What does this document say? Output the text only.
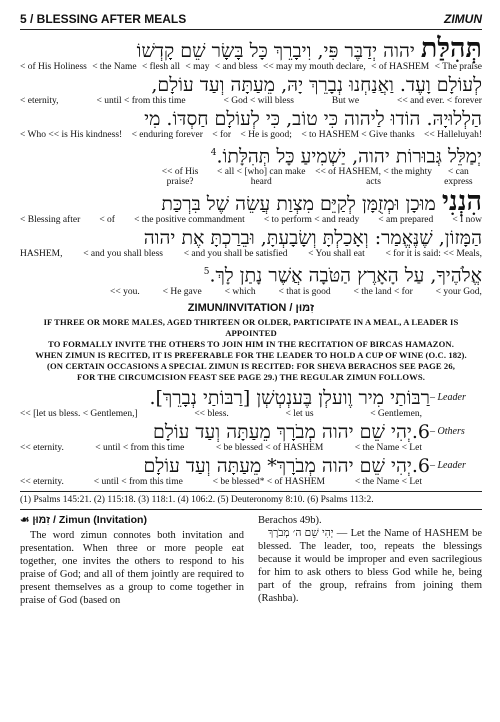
5 / BLESSING AFTER MEALS	ZIMUN
תְּהִלַּת יהוה יְדַבֶּר פִּי, וִיבָרֵךְ כָּל בָּשָׂר שֵׁם קָדְשׁוֹ
< of His Holiness < the Name < flesh all < may < and bless << may my mouth declare, < of HASHEM < The praise
לְעוֹלָם וָעֶד. וַאֲנַחְנוּ נְבָרֵךְ יָהּ, מֵעַתָּה וְעַד עוֹלָם,
< eternity,	< until < from this time	< God < will bless	But we	<< and ever. < forever
הַלְלוּיָהּ. הוֹדוּ לַיהוה כִּי טוֹב, כִּי לְעוֹלָם חַסְדּוֹ. מִי
< Who << is His kindness! < enduring forever < for < He is good; < to HASHEM < Give thanks << Halleluyah!
יְמַלֵּל גְּבוּרוֹת יהוה, יַשְׁמִיעַ כָּל תְּהִלָּתוֹ.$^4$
<< of His praise?
< all < [who] can make heard
<< of HASHEM, < the mighty acts
< can express
הִנְנִי מוּכָן וּמְזֻמָּן לְקַיֵּם מִצְוַת עֲשֵׂה שֶׁל בִּרְכַּת
< Blessing after < of < the positive commandment < to perform < and ready < am prepared < I now
הַמָּזוֹן, שֶׁנֶּאֱמַר: וְאָכַלְתָּ וְשָׂבָעְתָּ, וּבֵרַכְתָּ אֶת יהוה
HASHEM, < and you shall bless < and you shall be satisfied < You shall eat < for it is said: << Meals,
אֱלֹהֶיךָ, עַל הָאָרֶץ הַטֹּבָה אֲשֶׁר נָתַן לָךְ.$^5$
<< you. < He gave < which < that is good < the land < for < your God,
ZIMUN/INVITATION / זִמּוּן
IF THREE OR MORE MALES, AGED THIRTEEN OR OLDER, PARTICIPATE IN A MEAL, A LEADER IS APPOINTED
TO FORMALLY INVITE THE OTHERS TO JOIN HIM IN THE RECITATION OF BIRCAS HAMAZON.
WHEN ZIMUN IS RECITED, IT IS PREFERABLE FOR THE LEADER TO HOLD A CUP OF WINE (O.C. 182).
(ON CERTAIN OCCASIONS A SPECIAL ZIMUN IS RECITED: FOR SHEVA BERACHOS SEE PAGE 26,
FOR THE CIRCUMCISION FEAST SEE PAGE 29.) THE REGULAR ZIMUN FOLLOWS.
רַבּוֹתַי מִיר וֶועלְן בֶּענְטְשְׁן [רַבּוֹתַי נְבָרֵךְ]. – Leader
<< [let us bless. < Gentlemen,]	<< bless.	< let us	< Gentlemen,
6.יְהִי שֵׁם יהוה מְבֹרָךְ מֵעַתָּה וְעַד עוֹלָם – Others
<< eternity.	< until < from this time	< be blessed < of HASHEM	< the Name < Let
6.יְהִי שֵׁם יהוה מְבֹרָךְ* מֵעַתָּה וְעַד עוֹלָם – Leader
<< eternity.	< until < from this time	< be blessed* < of HASHEM	< the Name < Let
(1) Psalms 145:21. (2) 115:18. (3) 118:1. (4) 106:2. (5) Deuteronomy 8:10. (6) Psalms 113:2.
☙ זִמּוּן / Zimun (Invitation)

The word zimun connotes both invitation and presentation. When three or more people eat together, one invites the others to respond to his praise of God; and all of them jointly are required to present themselves as a group to come together in praise of God (based on

Berachos 49b).

יְהִי שֵׁם ה׳ מְבֹרָךְ — Let the Name of HASHEM be blessed. The leader, too, repeats the blessings because it would be improper and even sacrilegious for him to ask others to bless God while he, being part of the group, refrains from joining them (Rashba).
